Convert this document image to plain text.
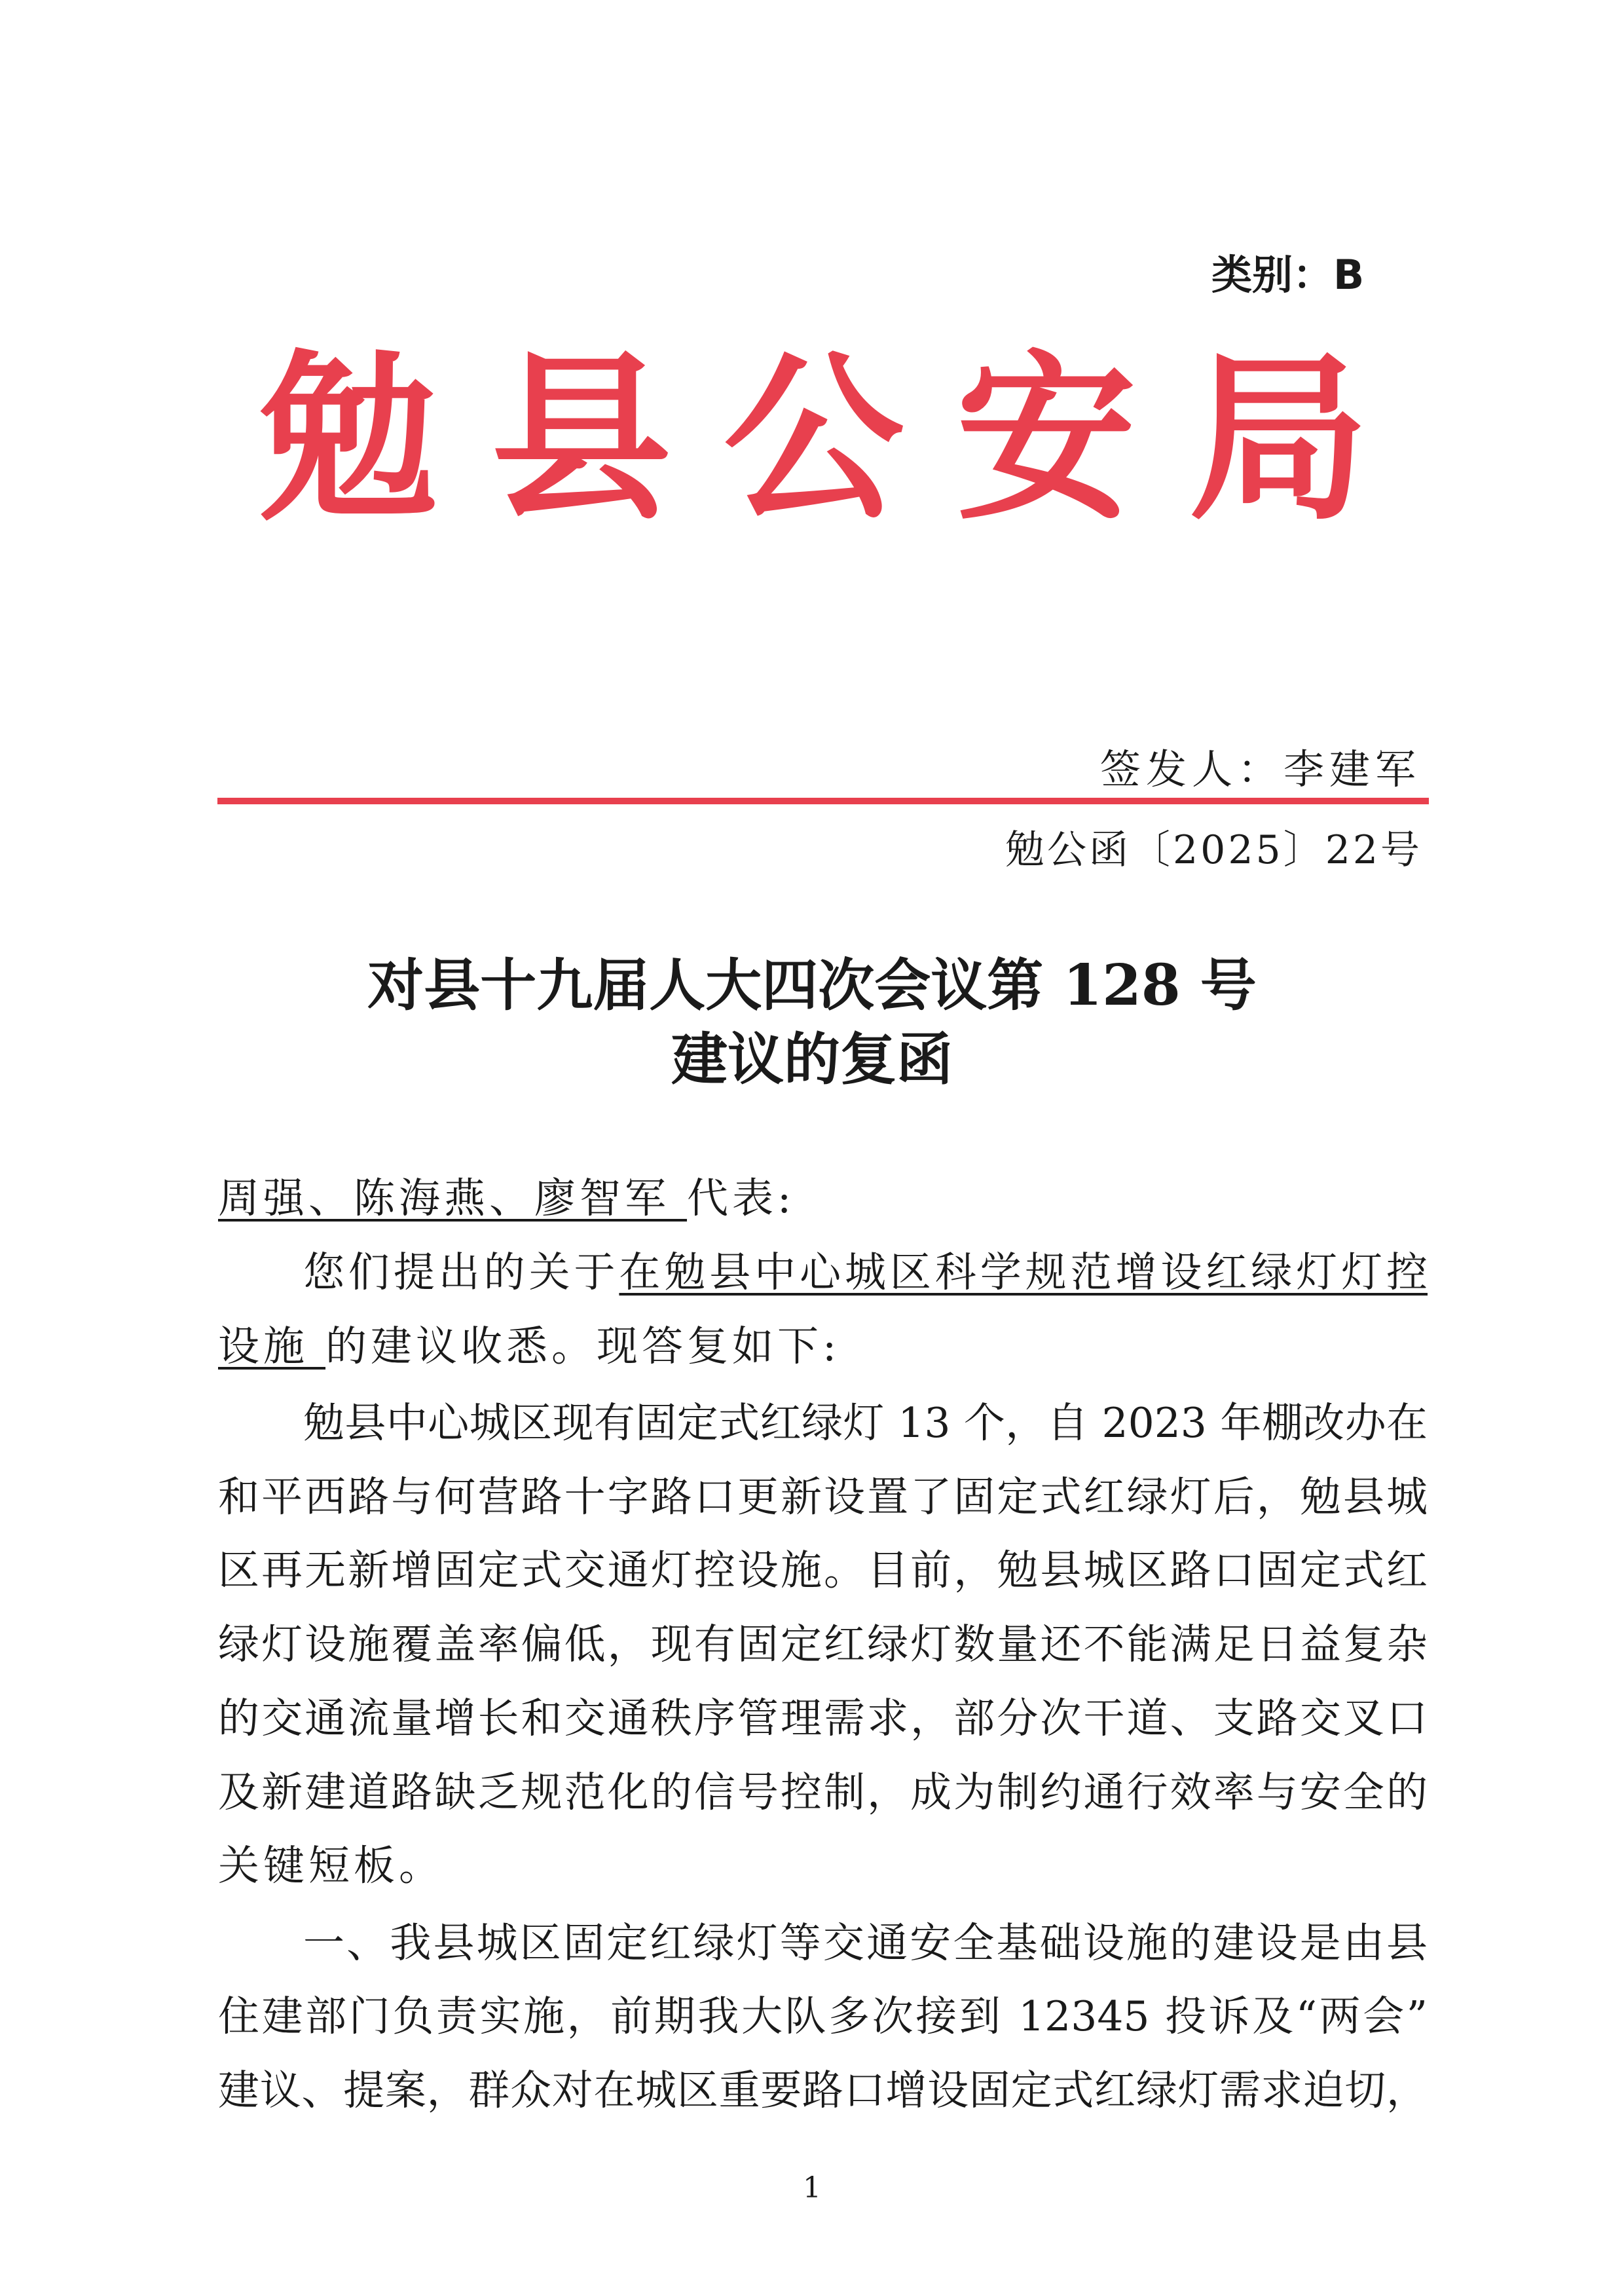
类别：B
勉县公安局
签发人：李建军
勉公函〔2025〕22号
对县十九届人大四次会议第 128 号
建议的复函
周强、陈海燕、廖智军 代表:
您们提出的关于在勉县中心城区科学规范增设红绿灯灯控
设施 的建议收悉。现答复如下:
勉县中心城区现有固定式红绿灯 13 个，自 2023 年棚改办在
和平西路与何营路十字路口更新设置了固定式红绿灯后，勉县城
区再无新增固定式交通灯控设施。目前，勉县城区路口固定式红
绿灯设施覆盖率偏低，现有固定红绿灯数量还不能满足日益复杂
的交通流量增长和交通秩序管理需求，部分次干道、支路交叉口
及新建道路缺乏规范化的信号控制，成为制约通行效率与安全的
关键短板。
一、我县城区固定红绿灯等交通安全基础设施的建设是由县
住建部门负责实施，前期我大队多次接到 12345 投诉及“两会”
建议、提案，群众对在城区重要路口增设固定式红绿灯需求迫切，
1
